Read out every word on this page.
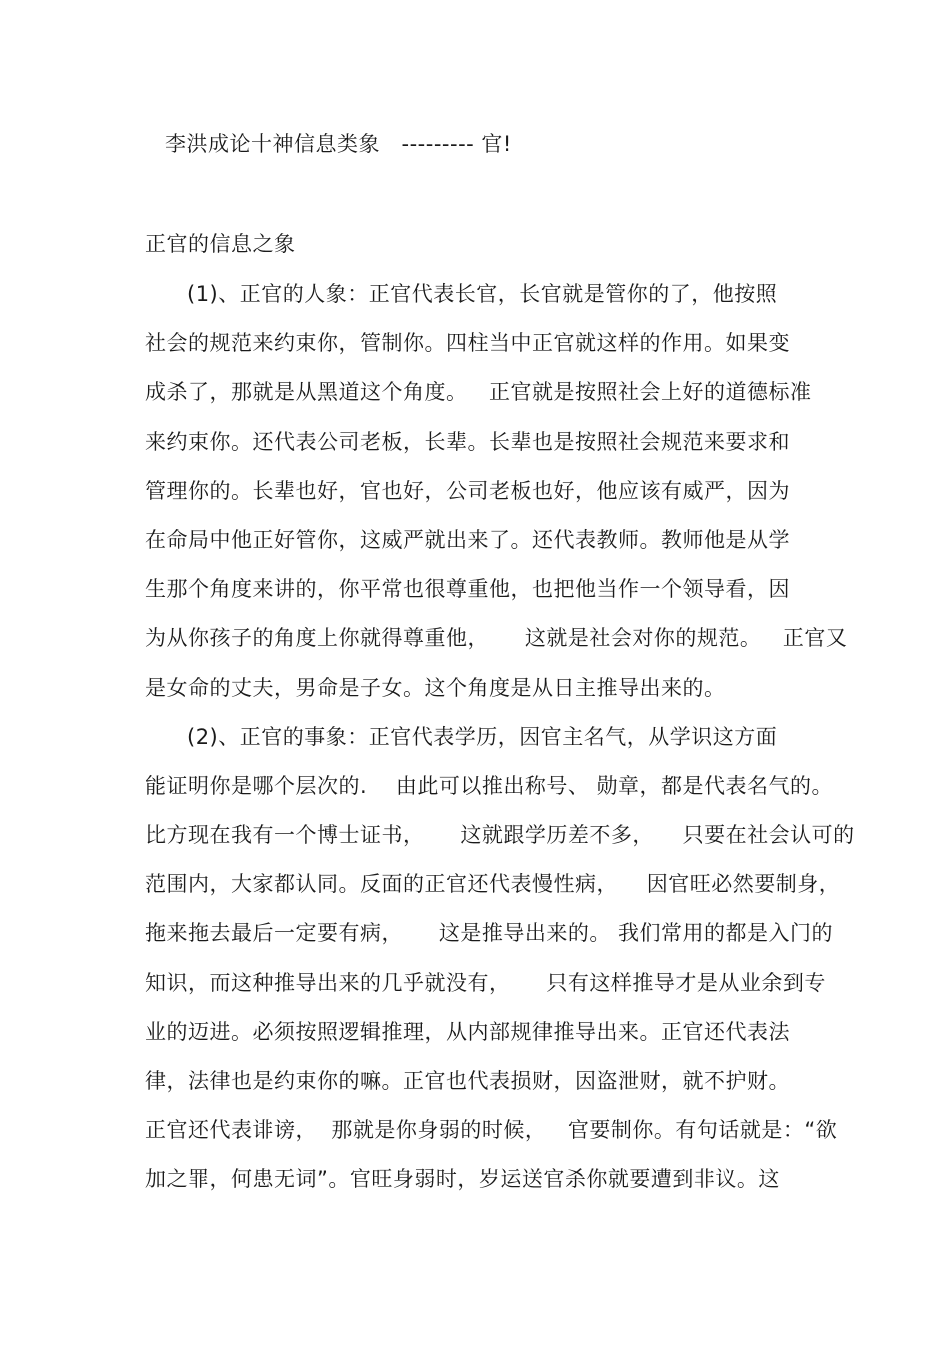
李洪成论十神信息类象   --------- 官!
正官的信息之象
(1)、正官的人象：正官代表长官，长官就是管你的了，他按照
社会的规范来约束你，管制你。四柱当中正官就这样的作用。如果变
成杀了，那就是从黑道这个角度。   正官就是按照社会上好的道德标准
来约束你。还代表公司老板，长辈。长辈也是按照社会规范来要求和
管理你的。长辈也好，官也好，公司老板也好，他应该有威严，因为
在命局中他正好管你，这威严就出来了。还代表教师。教师他是从学
生那个角度来讲的，你平常也很尊重他，也把他当作一个领导看，因
为从你孩子的角度上你就得尊重他，     这就是社会对你的规范。   正官又
是女命的丈夫，男命是子女。这个角度是从日主推导出来的。
(2)、正官的事象：正官代表学历，因官主名气，从学识这方面
能证明你是哪个层次的.    由此可以推出称号、 勋章，都是代表名气的。
比方现在我有一个博士证书，     这就跟学历差不多，    只要在社会认可的
范围内，大家都认同。反面的正官还代表慢性病，    因官旺必然要制身，
拖来拖去最后一定要有病，     这是推导出来的。 我们常用的都是入门的
知识，而这种推导出来的几乎就没有，     只有这样推导才是从业余到专
业的迈进。必须按照逻辑推理，从内部规律推导出来。正官还代表法
律，法律也是约束你的嘛。正官也代表损财，因盗泄财，就不护财。
正官还代表诽谤，  那就是你身弱的时候，   官要制你。有句话就是：“欲
加之罪，何患无词”。官旺身弱时，岁运送官杀你就要遭到非议。这
